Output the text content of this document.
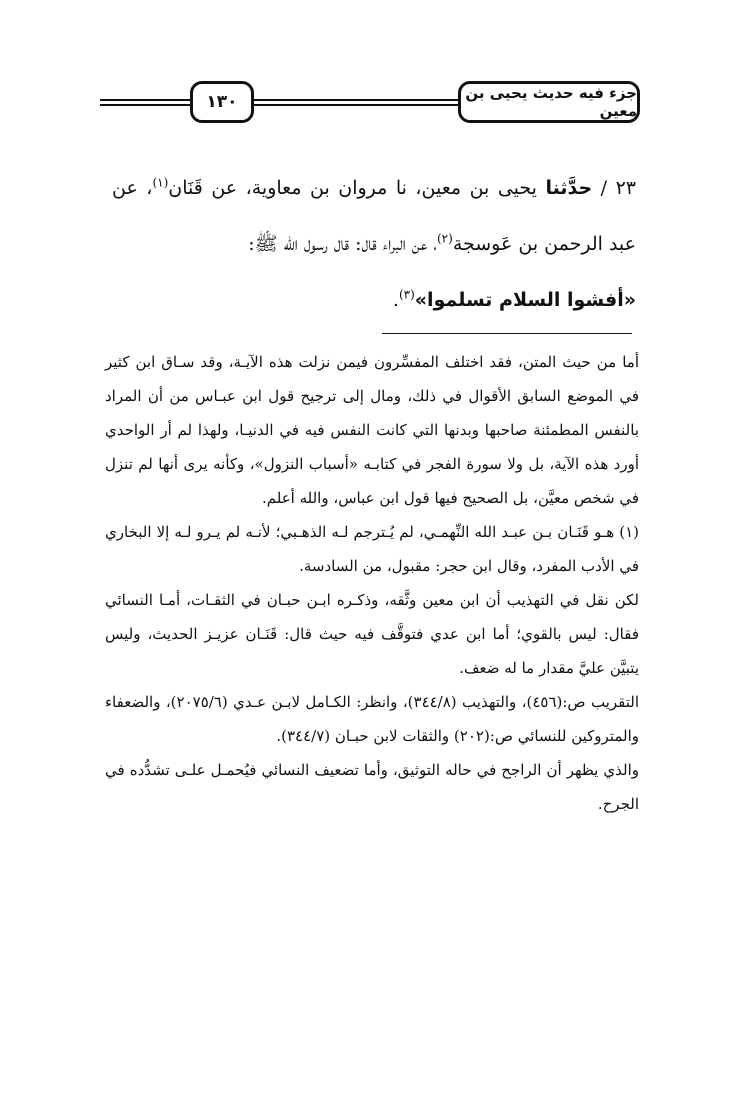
١٣٠	جزء فيه حديث يحيى بن معين

٢٣ / حدَّثنا يحيى بن معين، نا مروان بن معاوية، عن قَنَان$^{(١)}$، عن عبد الرحمن بن عَوسجة$^{(٢)}$، عن البراء قال: قال رسول الله ﷺ:

«أفشوا السلام تسلموا»$^{(٣)}$.

أما من حيث المتن، فقد اختلف المفسِّرون فيمن نزلت هذه الآيـة، وقد سـاق ابن كثير في الموضع السابق الأقوال في ذلك، ومال إلى ترجيح قول ابن عبـاس من أن المراد بالنفس المطمئنة صاحبها وبدنها التي كانت النفس فيه في الدنيـا، ولهذا لم أر الواحدي أورد هذه الآية، بل ولا سورة الفجر في كتابـه «أسباب النزول»، وكأنه يرى أنها لم تنزل في شخص معيَّن، بل الصحيح فيها قول ابن عباس، والله أعلم.

(١) هـو قَنَـان بـن عبـد الله النِّهمـي، لم يُـترجم لـه الذهـبي؛ لأنـه لم يـرو لـه إلا البخاري في الأدب المفرد، وقال ابن حجر: مقبول، من السادسة.

لكن نقل في التهذيب أن ابن معين وثَّقه، وذكـره ابـن حبـان في الثقـات، أمـا النسائي فقال: ليس بالقوي؛ أما ابن عدي فتوقَّف فيه حيث قال: قَنَـان عزيـز الحديث، وليس يتبيَّن عليَّ مقدار ما له ضعف.

التقريب ص:(٤٥٦)، والتهذيب (٣٤٤/٨)، وانظر: الكـامل لابـن عـدي (٢٠٧٥/٦)، والضعفاء والمتروكين للنسائي ص:(٢٠٢) والثقات لابن حبـان (٣٤٤/٧).

والذي يظهر أن الراجح في حاله التوثيق، وأما تضعيف النسائي فيُحمـل علـى تشدُّده في الجرح.
